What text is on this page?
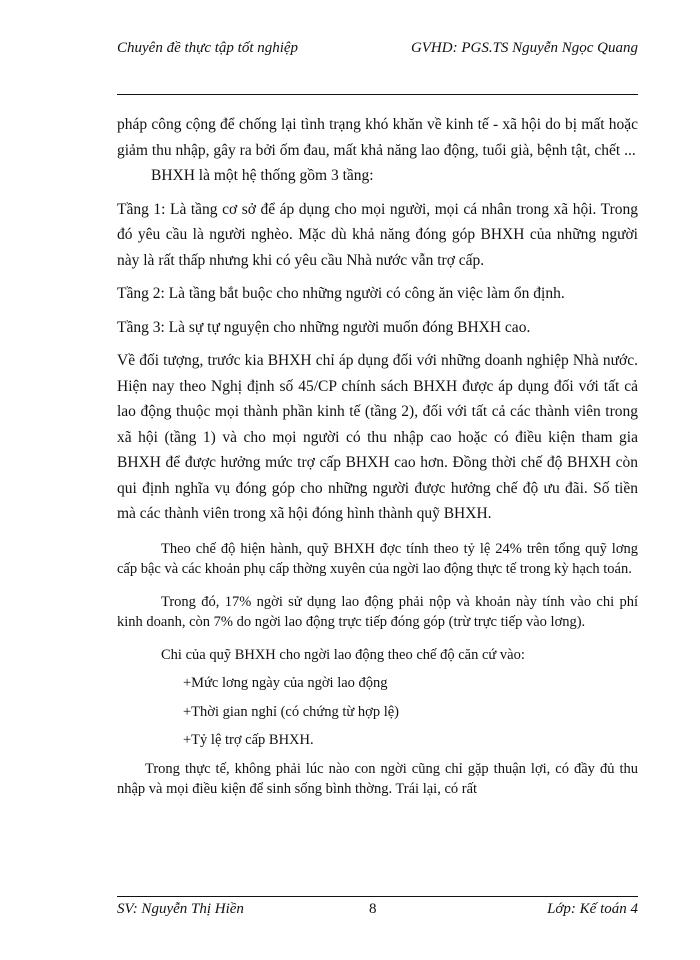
Chuyên đề thực tập tốt nghiệp	GVHD: PGS.TS Nguyễn Ngọc Quang

pháp công cộng để chống lại tình trạng khó khăn về kinh tế - xã hội do bị mất hoặc giảm thu nhập, gây ra bởi ốm đau, mất khả năng lao động, tuổi già, bệnh tật, chết ...

BHXH là một hệ thống gồm 3 tầng:

Tầng 1: Là tầng cơ sở để áp dụng cho mọi người, mọi cá nhân trong xã hội. Trong đó yêu cầu là người nghèo. Mặc dù khả năng đóng góp BHXH của những người này là rất thấp nhưng khi có yêu cầu Nhà nước vẫn trợ cấp.

Tầng 2: Là tầng bắt buộc cho những người có công ăn việc làm ổn định.

Tầng 3: Là sự tự nguyện cho những người muốn đóng BHXH cao.

Về đối tượng, trước kia BHXH chỉ áp dụng đối với những doanh nghiệp Nhà nước. Hiện nay theo Nghị định số 45/CP chính sách BHXH được áp dụng đối với tất cả lao động thuộc mọi thành phần kinh tế (tầng 2), đối với tất cả các thành viên trong xã hội (tầng 1) và cho mọi người có thu nhập cao hoặc có điều kiện tham gia BHXH để được hưởng mức trợ cấp BHXH cao hơn. Đồng thời chế độ BHXH còn qui định nghĩa vụ đóng góp cho những người được hưởng chế độ ưu đãi. Số tiền mà các thành viên trong xã hội đóng hình thành quỹ BHXH.

Theo chế độ hiện hành, quỹ BHXH đợc tính theo tỷ lệ 24% trên tổng quỹ lơng cấp bậc và các khoản phụ cấp thờng xuyên của ngời lao động thực tế trong kỳ hạch toán.

Trong đó, 17% ngời sử dụng lao động phải nộp và khoản này tính vào chi phí kinh doanh, còn 7% do ngời lao động trực tiếp đóng góp (trừ trực tiếp vào lơng).

Chi của quỹ BHXH cho ngời lao động theo chế độ căn cứ vào:

+Mức lơng ngày của ngời lao động

+Thời gian nghỉ (có chứng từ hợp lệ)

+Tỷ lệ trợ cấp BHXH.

Trong thực tế, không phải lúc nào con ngời cũng chỉ gặp thuận lợi, có đầy đủ thu nhập và mọi điều kiện để sinh sống bình thờng. Trái lại, có rất

SV: Nguyễn Thị Hiền	8	Lớp: Kế toán 4
